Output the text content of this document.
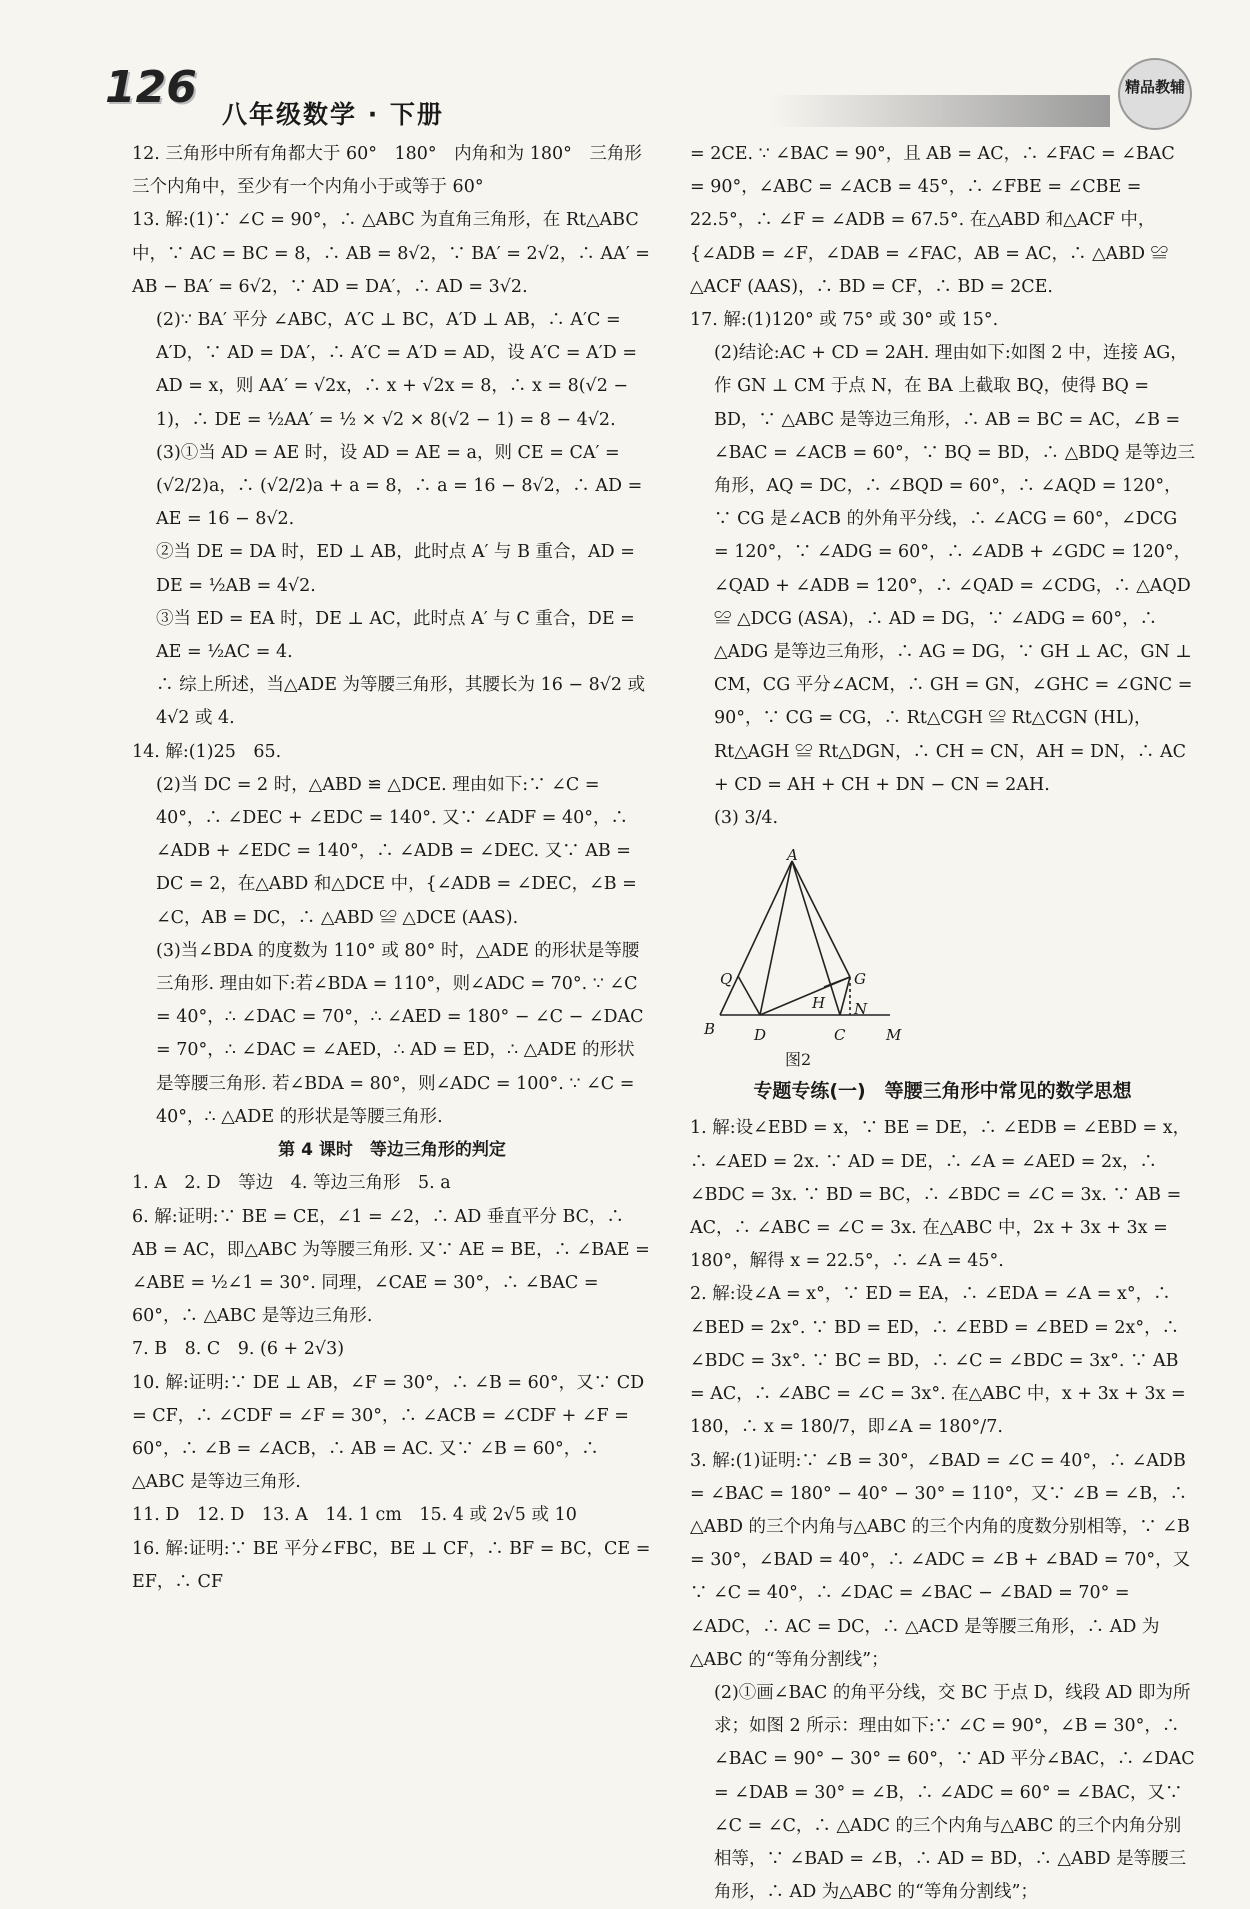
126
八年级数学 · 下册
精品教辅

12. 三角形中所有角都大于 60°　180°　内角和为 180°　三角形三个内角中，至少有一个内角小于或等于 60°

13. 解:(1)∵ ∠C = 90°，∴ △ABC 为直角三角形，在 Rt△ABC 中，∵ AC = BC = 8，∴ AB = 8√2，∵ BA′ = 2√2，∴ AA′ = AB − BA′ = 6√2，∵ AD = DA′，∴ AD = 3√2.

(2)∵ BA′ 平分 ∠ABC，A′C ⊥ BC，A′D ⊥ AB，∴ A′C = A′D，∵ AD = DA′，∴ A′C = A′D = AD，设 A′C = A′D = AD = x，则 AA′ = √2x，∴ x + √2x = 8，∴ x = 8(√2 − 1)，∴ DE = ½AA′ = ½ × √2 × 8(√2 − 1) = 8 − 4√2.

(3)①当 AD = AE 时，设 AD = AE = a，则 CE = CA′ = (√2/2)a，∴ (√2/2)a + a = 8，∴ a = 16 − 8√2，∴ AD = AE = 16 − 8√2.

②当 DE = DA 时，ED ⊥ AB，此时点 A′ 与 B 重合，AD = DE = ½AB = 4√2.

③当 ED = EA 时，DE ⊥ AC，此时点 A′ 与 C 重合，DE = AE = ½AC = 4.

∴ 综上所述，当△ADE 为等腰三角形，其腰长为 16 − 8√2 或 4√2 或 4.

14. 解:(1)25　65.

(2)当 DC = 2 时，△ABD ≌ △DCE. 理由如下:∵ ∠C = 40°，∴ ∠DEC + ∠EDC = 140°. 又∵ ∠ADF = 40°，∴ ∠ADB + ∠EDC = 140°，∴ ∠ADB = ∠DEC. 又∵ AB = DC = 2，在△ABD 和△DCE 中，{∠ADB = ∠DEC，∠B = ∠C，AB = DC，∴ △ABD ≌ △DCE (AAS).

(3)当∠BDA 的度数为 110° 或 80° 时，△ADE 的形状是等腰三角形. 理由如下:若∠BDA = 110°，则∠ADC = 70°. ∵ ∠C = 40°，∴ ∠DAC = 70°，∴ ∠AED = 180° − ∠C − ∠DAC = 70°，∴ ∠DAC = ∠AED，∴ AD = ED，∴ △ADE 的形状是等腰三角形. 若∠BDA = 80°，则∠ADC = 100°. ∵ ∠C = 40°，∴ △ADE 的形状是等腰三角形.

第 4 课时　等边三角形的判定

1. A　2. D　等边　4. 等边三角形　5. a

6. 解:证明:∵ BE = CE，∠1 = ∠2，∴ AD 垂直平分 BC，∴ AB = AC，即△ABC 为等腰三角形. 又∵ AE = BE，∴ ∠BAE = ∠ABE = ½∠1 = 30°. 同理，∠CAE = 30°，∴ ∠BAC = 60°，∴ △ABC 是等边三角形.

7. B　8. C　9. (6 + 2√3)

10. 解:证明:∵ DE ⊥ AB，∠F = 30°，∴ ∠B = 60°，又∵ CD = CF，∴ ∠CDF = ∠F = 30°，∴ ∠ACB = ∠CDF + ∠F = 60°，∴ ∠B = ∠ACB，∴ AB = AC. 又∵ ∠B = 60°，∴ △ABC 是等边三角形.

11. D　12. D　13. A　14. 1 cm　15. 4 或 2√5 或 10

16. 解:证明:∵ BE 平分∠FBC，BE ⊥ CF，∴ BF = BC，CE = EF，∴ CF

= 2CE. ∵ ∠BAC = 90°，且 AB = AC，∴ ∠FAC = ∠BAC = 90°，∠ABC = ∠ACB = 45°，∴ ∠FBE = ∠CBE = 22.5°，∴ ∠F = ∠ADB = 67.5°. 在△ABD 和△ACF 中，{∠ADB = ∠F，∠DAB = ∠FAC，AB = AC，∴ △ABD ≌ △ACF (AAS)，∴ BD = CF，∴ BD = 2CE.

17. 解:(1)120° 或 75° 或 30° 或 15°.

(2)结论:AC + CD = 2AH. 理由如下:如图 2 中，连接 AG，作 GN ⊥ CM 于点 N，在 BA 上截取 BQ，使得 BQ = BD，∵ △ABC 是等边三角形，∴ AB = BC = AC，∠B = ∠BAC = ∠ACB = 60°，∵ BQ = BD，∴ △BDQ 是等边三角形，AQ = DC，∴ ∠BQD = 60°，∴ ∠AQD = 120°，∵ CG 是∠ACB 的外角平分线，∴ ∠ACG = 60°，∠DCG = 120°，∵ ∠ADG = 60°，∴ ∠ADB + ∠GDC = 120°，∠QAD + ∠ADB = 120°，∴ ∠QAD = ∠CDG，∴ △AQD ≌ △DCG (ASA)，∴ AD = DG，∵ ∠ADG = 60°，∴ △ADG 是等边三角形，∴ AG = DG，∵ GH ⊥ AC，GN ⊥ CM，CG 平分∠ACM，∴ GH = GN，∠GHC = ∠GNC = 90°，∵ CG = CG，∴ Rt△CGH ≌ Rt△CGN (HL)，Rt△AGH ≌ Rt△DGN，∴ CH = CN，AH = DN，∴ AC + CD = AH + CH + DN − CN = 2AH.

(3) 3/4.

A
Q	G
H N
B	D	C	M
图2

专题专练(一)　等腰三角形中常见的数学思想

1. 解:设∠EBD = x，∵ BE = DE，∴ ∠EDB = ∠EBD = x，∴ ∠AED = 2x. ∵ AD = DE，∴ ∠A = ∠AED = 2x，∴ ∠BDC = 3x. ∵ BD = BC，∴ ∠BDC = ∠C = 3x. ∵ AB = AC，∴ ∠ABC = ∠C = 3x. 在△ABC 中，2x + 3x + 3x = 180°，解得 x = 22.5°，∴ ∠A = 45°.

2. 解:设∠A = x°，∵ ED = EA，∴ ∠EDA = ∠A = x°，∴ ∠BED = 2x°. ∵ BD = ED，∴ ∠EBD = ∠BED = 2x°，∴ ∠BDC = 3x°. ∵ BC = BD，∴ ∠C = ∠BDC = 3x°. ∵ AB = AC，∴ ∠ABC = ∠C = 3x°. 在△ABC 中，x + 3x + 3x = 180，∴ x = 180/7，即∠A = 180°/7.

3. 解:(1)证明:∵ ∠B = 30°，∠BAD = ∠C = 40°，∴ ∠ADB = ∠BAC = 180° − 40° − 30° = 110°，又∵ ∠B = ∠B，∴ △ABD 的三个内角与△ABC 的三个内角的度数分别相等，∵ ∠B = 30°，∠BAD = 40°，∴ ∠ADC = ∠B + ∠BAD = 70°，又∵ ∠C = 40°，∴ ∠DAC = ∠BAC − ∠BAD = 70° = ∠ADC，∴ AC = DC，∴ △ACD 是等腰三角形，∴ AD 为△ABC 的“等角分割线”；

(2)①画∠BAC 的角平分线，交 BC 于点 D，线段 AD 即为所求；如图 2 所示：理由如下:∵ ∠C = 90°，∠B = 30°，∴ ∠BAC = 90° − 30° = 60°，∵ AD 平分∠BAC，∴ ∠DAC = ∠DAB = 30° = ∠B，∴ ∠ADC = 60° = ∠BAC，又∵ ∠C = ∠C，∴ △ADC 的三个内角与△ABC 的三个内角分别相等，∵ ∠BAD = ∠B，∴ AD = BD，∴ △ABD 是等腰三角形，∴ AD 为△ABC 的“等角分割线”；
